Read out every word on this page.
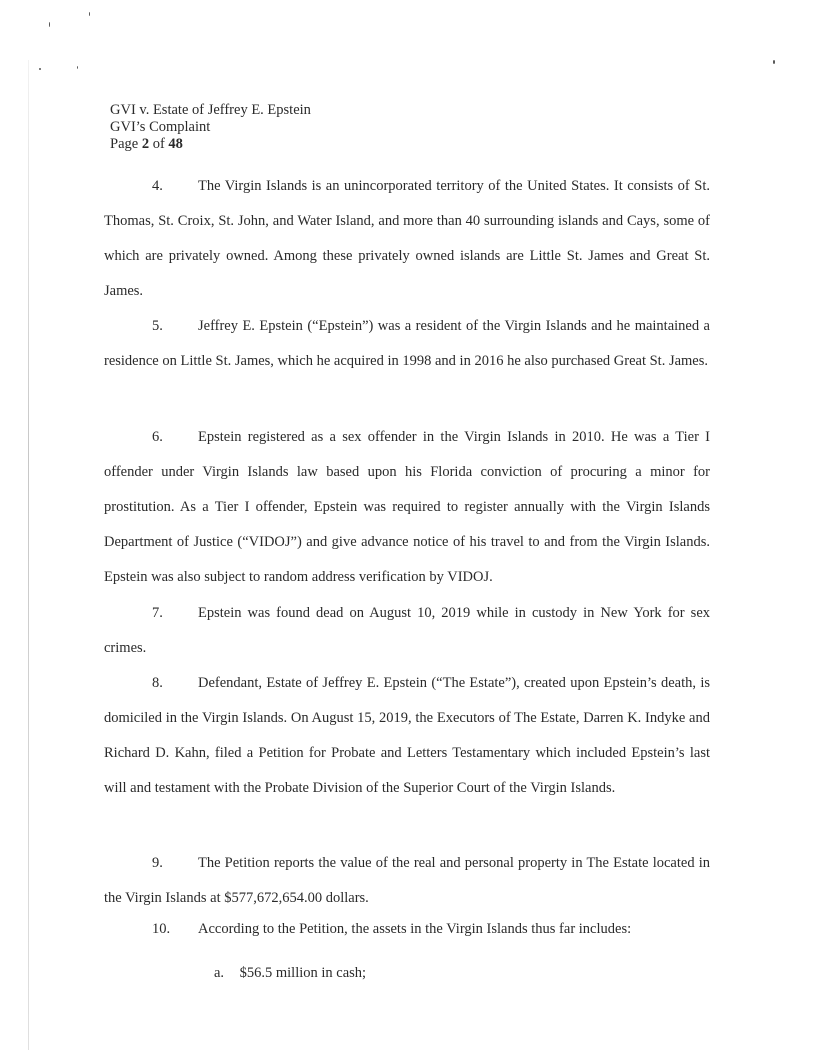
GVI v. Estate of Jeffrey E. Epstein
GVI’s Complaint
Page 2 of 48

4. The Virgin Islands is an unincorporated territory of the United States. It consists of St. Thomas, St. Croix, St. John, and Water Island, and more than 40 surrounding islands and Cays, some of which are privately owned. Among these privately owned islands are Little St. James and Great St. James.

5. Jeffrey E. Epstein (“Epstein”) was a resident of the Virgin Islands and he maintained a residence on Little St. James, which he acquired in 1998 and in 2016 he also purchased Great St. James.

6. Epstein registered as a sex offender in the Virgin Islands in 2010. He was a Tier I offender under Virgin Islands law based upon his Florida conviction of procuring a minor for prostitution. As a Tier I offender, Epstein was required to register annually with the Virgin Islands Department of Justice (“VIDOJ”) and give advance notice of his travel to and from the Virgin Islands. Epstein was also subject to random address verification by VIDOJ.

7. Epstein was found dead on August 10, 2019 while in custody in New York for sex crimes.

8. Defendant, Estate of Jeffrey E. Epstein (“The Estate”), created upon Epstein’s death, is domiciled in the Virgin Islands. On August 15, 2019, the Executors of The Estate, Darren K. Indyke and Richard D. Kahn, filed a Petition for Probate and Letters Testamentary which included Epstein’s last will and testament with the Probate Division of the Superior Court of the Virgin Islands.

9. The Petition reports the value of the real and personal property in The Estate located in the Virgin Islands at $577,672,654.00 dollars.

10. According to the Petition, the assets in the Virgin Islands thus far includes:

a. $56.5 million in cash;
